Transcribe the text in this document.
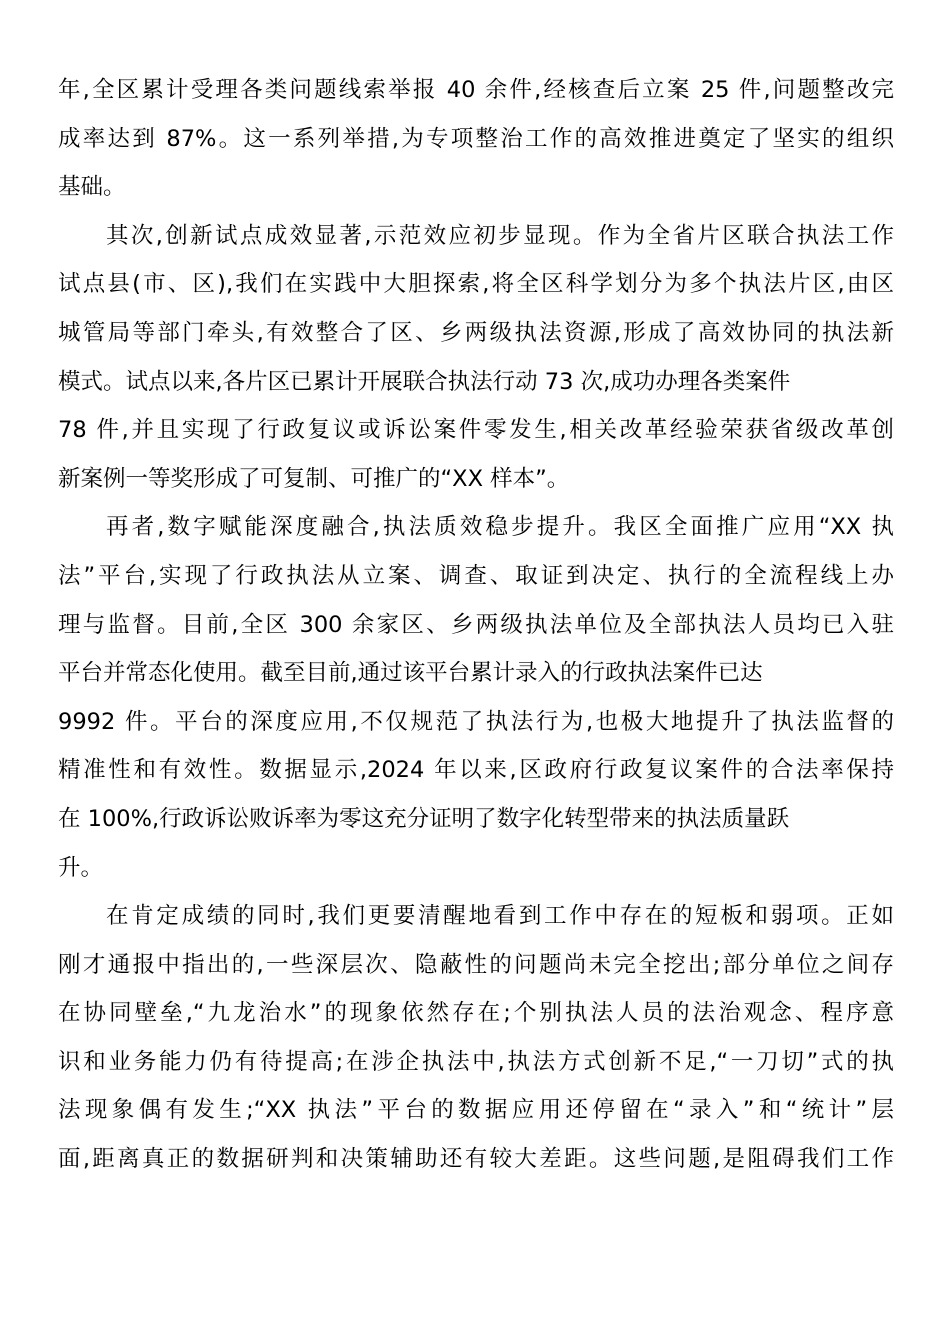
年,全区累计受理各类问题线索举报 40 余件,经核查后立案 25 件,问题整改完
成率达到 87%。这一系列举措,为专项整治工作的高效推进奠定了坚实的组织
基础。
其次,创新试点成效显著,示范效应初步显现。作为全省片区联合执法工作
试点县(市、区),我们在实践中大胆探索,将全区科学划分为多个执法片区,由区
城管局等部门牵头,有效整合了区、乡两级执法资源,形成了高效协同的执法新
模式。试点以来,各片区已累计开展联合执法行动 73 次,成功办理各类案件
78 件,并且实现了行政复议或诉讼案件零发生,相关改革经验荣获省级改革创
新案例一等奖形成了可复制、可推广的“XX 样本”。
再者,数字赋能深度融合,执法质效稳步提升。我区全面推广应用“XX 执
法”平台,实现了行政执法从立案、调查、取证到决定、执行的全流程线上办
理与监督。目前,全区 300 余家区、乡两级执法单位及全部执法人员均已入驻
平台并常态化使用。截至目前,通过该平台累计录入的行政执法案件已达
9992 件。平台的深度应用,不仅规范了执法行为,也极大地提升了执法监督的
精准性和有效性。数据显示,2024 年以来,区政府行政复议案件的合法率保持
在 100%,行政诉讼败诉率为零这充分证明了数字化转型带来的执法质量跃
升。
在肯定成绩的同时,我们更要清醒地看到工作中存在的短板和弱项。正如
刚才通报中指出的,一些深层次、隐蔽性的问题尚未完全挖出;部分单位之间存
在协同壁垒,“九龙治水”的现象依然存在;个别执法人员的法治观念、程序意
识和业务能力仍有待提高;在涉企执法中,执法方式创新不足,“一刀切”式的执
法现象偶有发生;“XX 执法”平台的数据应用还停留在“录入”和“统计”层
面,距离真正的数据研判和决策辅助还有较大差距。这些问题,是阻碍我们工作
